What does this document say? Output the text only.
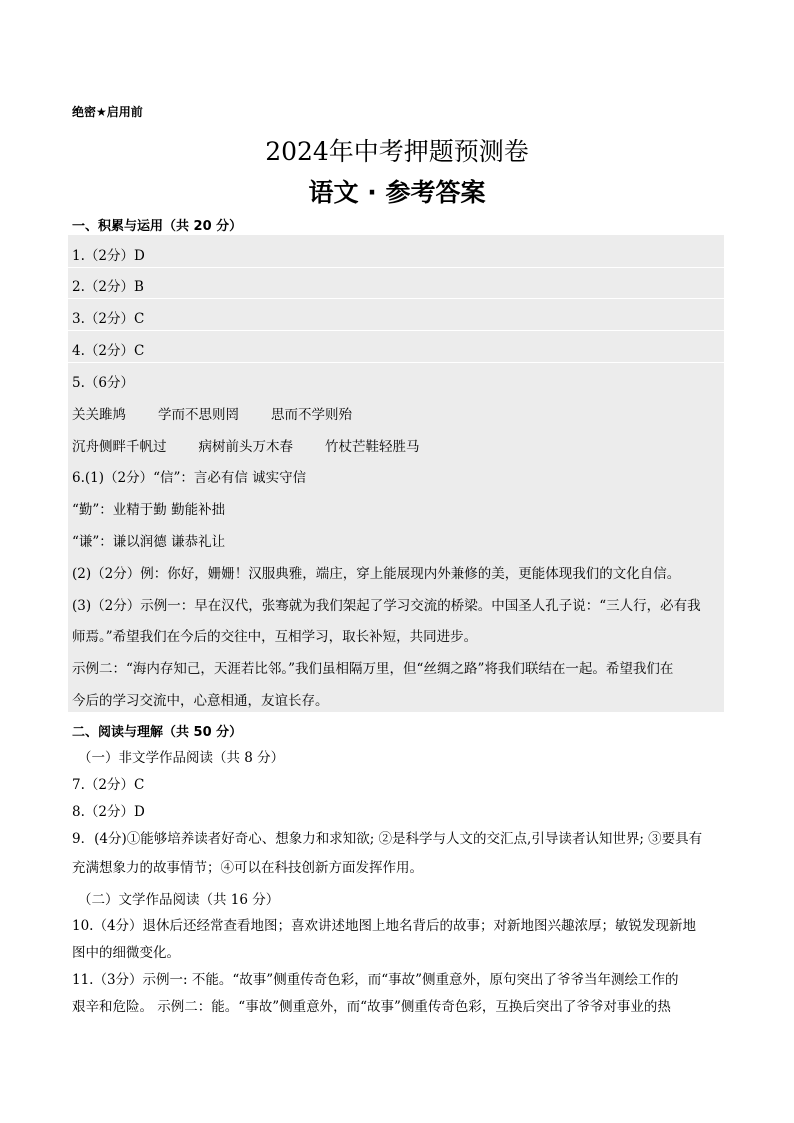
绝密★启用前
2024年中考押题预测卷
语文 · 参考答案
一、积累与运用（共 20 分）
1.（2分）D
2.（2分）B
3.（2分）C
4.（2分）C
5.（6分）
关关雎鸠 学而不思则罔 思而不学则殆
沉舟侧畔千帆过 病树前头万木春 竹杖芒鞋轻胜马
6.(1)（2分）“信”：言必有信 诚实守信
“勤”：业精于勤 勤能补拙
“谦”：谦以润德 谦恭礼让
(2)（2分）例：你好，姗姗！汉服典雅，端庄，穿上能展现内外兼修的美，更能体现我们的文化自信。
(3)（2分）示例一：早在汉代，张骞就为我们架起了学习交流的桥梁。中国圣人孔子说：“三人行，必有我
师焉。”希望我们在今后的交往中，互相学习，取长补短，共同进步。
示例二：“海内存知己，天涯若比邻。”我们虽相隔万里，但“丝绸之路”将我们联结在一起。希望我们在
今后的学习交流中，心意相通，友谊长存。
二、阅读与理解（共 50 分）
（一）非文学作品阅读（共 8 分）
7.（2分）C
8.（2分）D
9．(4分)①能够培养读者好奇心、想象力和求知欲; ②是科学与人文的交汇点,引导读者认知世界; ③要具有
充满想象力的故事情节；④可以在科技创新方面发挥作用。
（二）文学作品阅读（共 16 分）
10.（4分）退休后还经常查看地图；喜欢讲述地图上地名背后的故事；对新地图兴趣浓厚；敏锐发现新地
图中的细微变化。
11.（3分）示例一: 不能。“故事”侧重传奇色彩，而“事故”侧重意外，原句突出了爷爷当年测绘工作的
艰辛和危险。 示例二：能。“事故”侧重意外，而“故事”侧重传奇色彩，互换后突出了爷爷对事业的热
